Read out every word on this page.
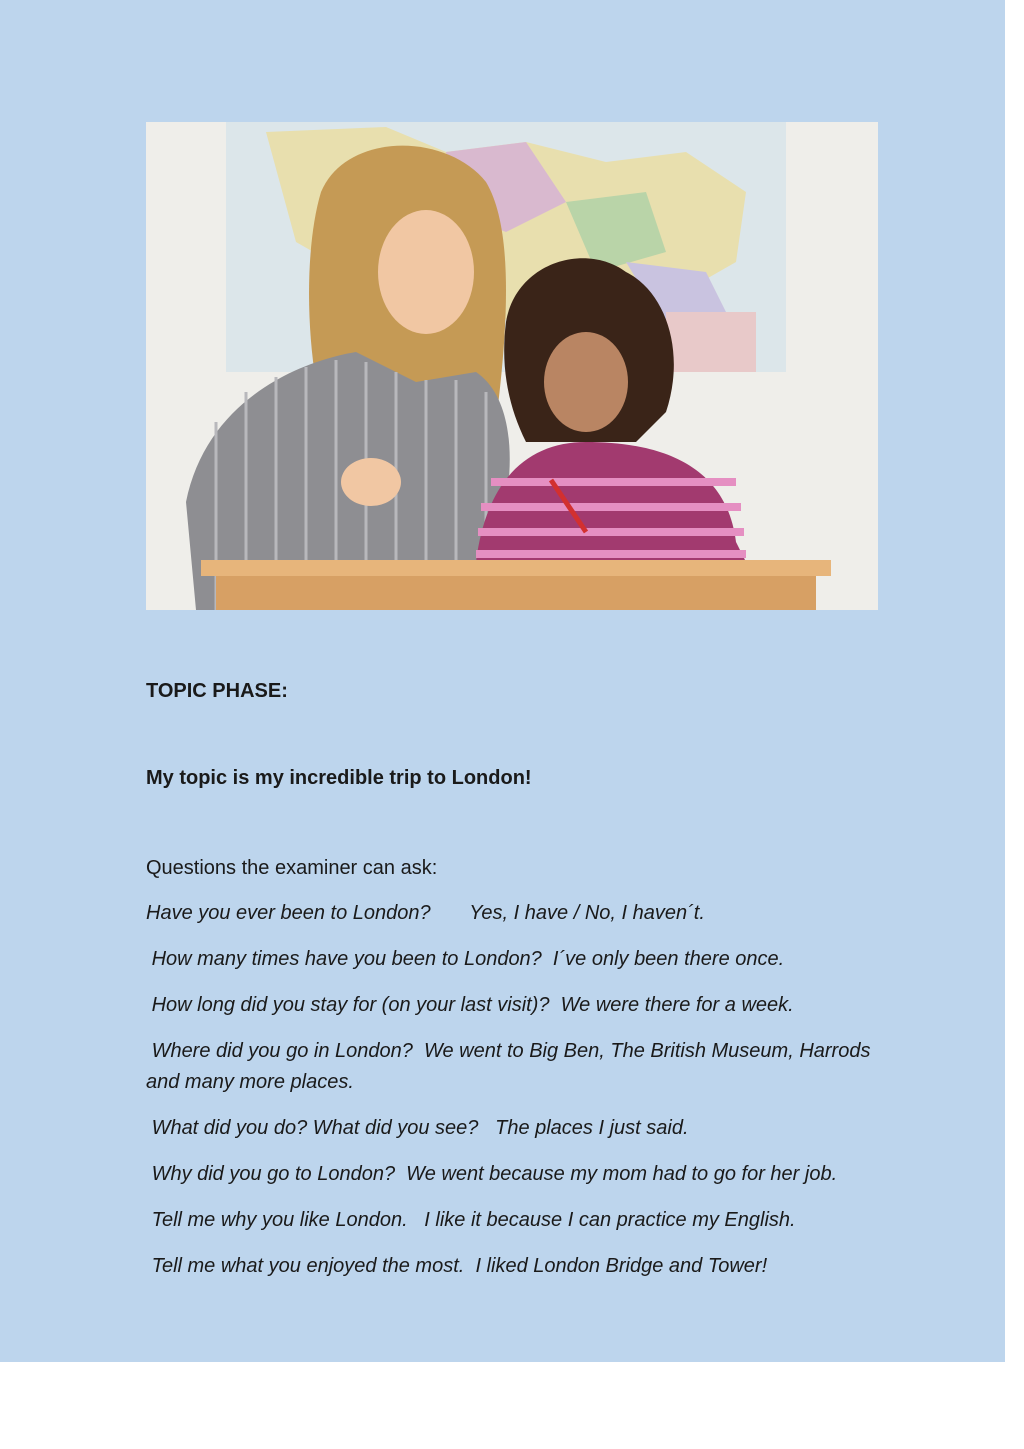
TOPIC PHASE:
My topic is my incredible trip to London!
Questions the examiner can ask:
Have you ever been to London?       Yes, I have / No, I haven´t.
How many times have you been to London?  I´ve only been there once.
How long did you stay for (on your last visit)?  We were there for a week.
Where did you go in London?  We went to Big Ben, The British Museum, Harrods and many more places.
What did you do? What did you see?   The places I just said.
Why did you go to London?  We went because my mom had to go for her job.
Tell me why you like London.   I like it because I can practice my English.
Tell me what you enjoyed the most.  I liked London Bridge and Tower!
